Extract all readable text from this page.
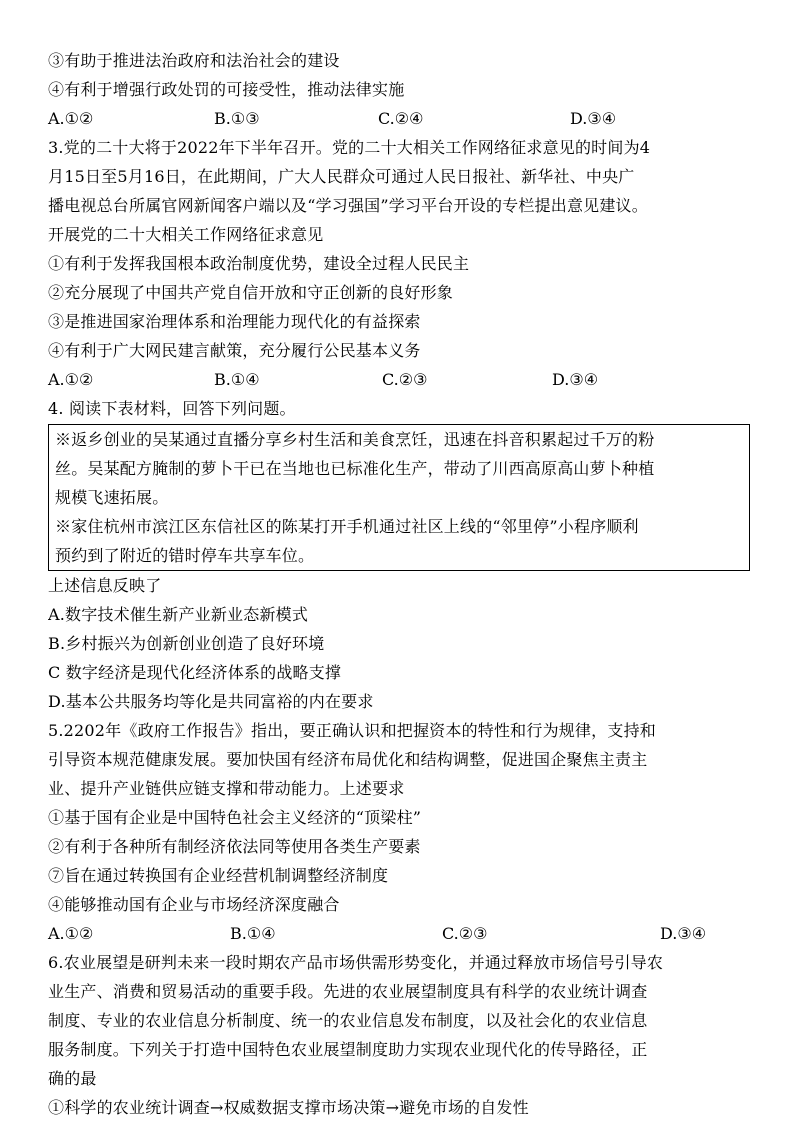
③有助于推进法治政府和法治社会的建设
④有利于增强行政处罚的可接受性，推动法律实施
A.①②	B.①③	C.②④	D.③④
3.党的二十大将于2022年下半年召开。党的二十大相关工作网络征求意见的时间为4
月15日至5月16日，在此期间，广大人民群众可通过人民日报社、新华社、中央广
播电视总台所属官网新闻客户端以及“学习强国”学习平台开设的专栏提出意见建议。
开展党的二十大相关工作网络征求意见
①有利于发挥我国根本政治制度优势，建设全过程人民民主
②充分展现了中国共产党自信开放和守正创新的良好形象
③是推进国家治理体系和治理能力现代化的有益探索
④有利于广大网民建言献策，充分履行公民基本义务
A.①②	B.①④	C.②③	D.③④
4. 阅读下表材料，回答下列问题。
※返乡创业的吴某通过直播分享乡村生活和美食烹饪，迅速在抖音积累起过千万的粉
丝。吴某配方腌制的萝卜干已在当地也已标准化生产，带动了川西高原高山萝卜种植
规模飞速拓展。
※家住杭州市滨江区东信社区的陈某打开手机通过社区上线的“邻里停”小程序顺利
预约到了附近的错时停车共享车位。
上述信息反映了
A.数字技术催生新产业新业态新模式
B.乡村振兴为创新创业创造了良好环境
C 数字经济是现代化经济体系的战略支撑
D.基本公共服务均等化是共同富裕的内在要求
5.2202年《政府工作报告》指出，要正确认识和把握资本的特性和行为规律，支持和
引导资本规范健康发展。要加快国有经济布局优化和结构调整，促进国企聚焦主责主
业、提升产业链供应链支撑和带动能力。上述要求
①基于国有企业是中国特色社会主义经济的“顶梁柱”
②有利于各种所有制经济依法同等使用各类生产要素
⑦旨在通过转换国有企业经营机制调整经济制度
④能够推动国有企业与市场经济深度融合
A.①②	B.①④	C.②③	D.③④
6.农业展望是研判未来一段时期农产品市场供需形势变化，并通过释放市场信号引导农
业生产、消费和贸易活动的重要手段。先进的农业展望制度具有科学的农业统计调查
制度、专业的农业信息分析制度、统一的农业信息发布制度，以及社会化的农业信息
服务制度。下列关于打造中国特色农业展望制度助力实现农业现代化的传导路径，正
确的最
①科学的农业统计调查→权威数据支撑市场决策→避免市场的自发性
